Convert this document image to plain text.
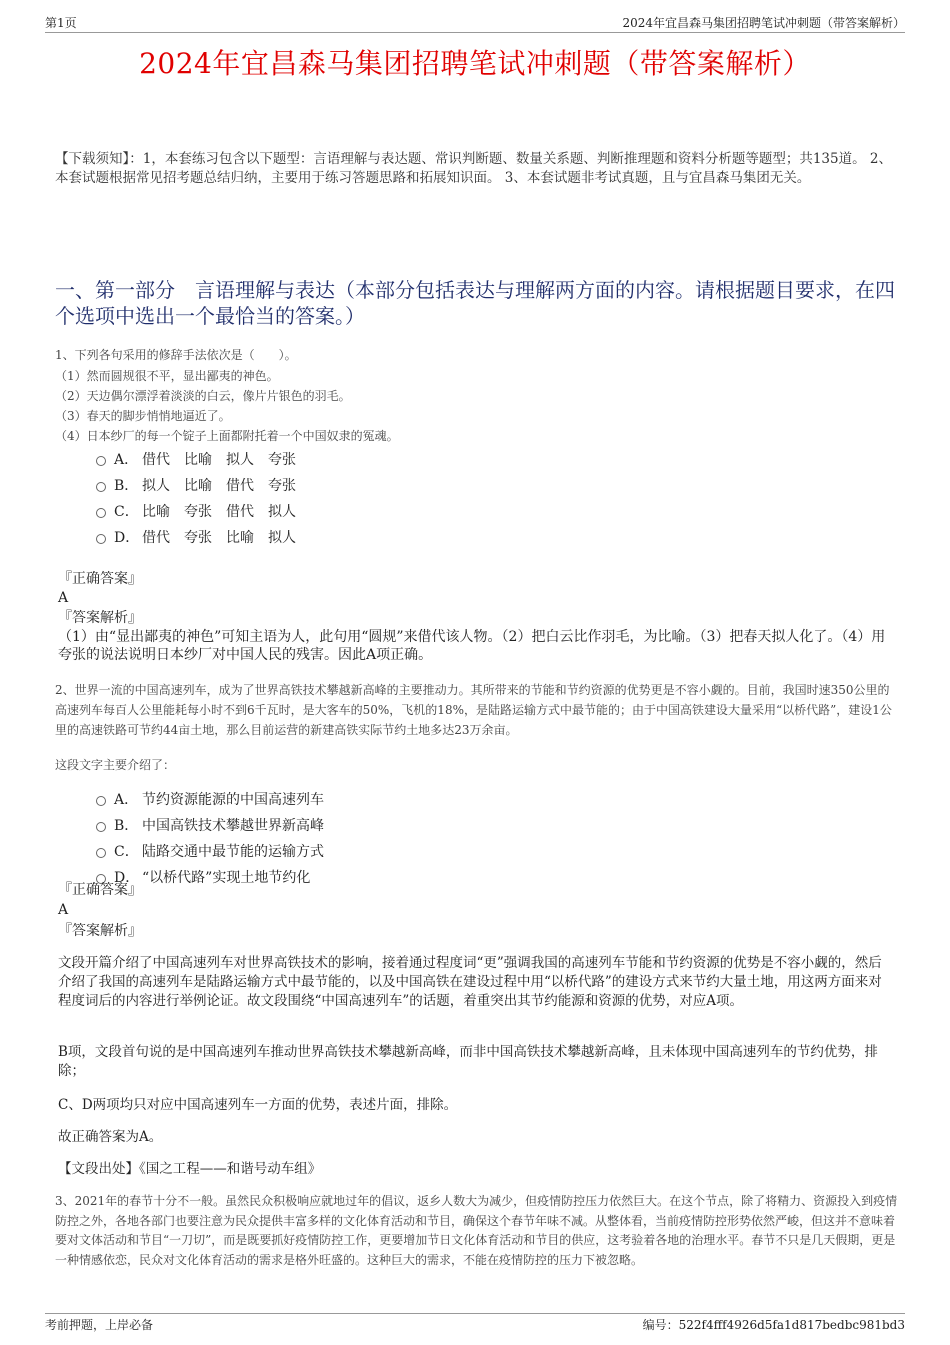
第1页	2024年宜昌森马集团招聘笔试冲刺题（带答案解析）
2024年宜昌森马集团招聘笔试冲刺题（带答案解析）
【下载须知】：1，本套练习包含以下题型：言语理解与表达题、常识判断题、数量关系题、判断推理题和资料分析题等题型；共135道。 2、本套试题根据常见招考题总结归纳，主要用于练习答题思路和拓展知识面。 3、本套试题非考试真题，且与宜昌森马集团无关。
一、第一部分　言语理解与表达（本部分包括表达与理解两方面的内容。请根据题目要求，在四个选项中选出一个最恰当的答案。）
1、下列各句采用的修辞手法依次是（　　）。
（1）然而圆规很不平，显出鄙夷的神色。
（2）天边偶尔漂浮着淡淡的白云，像片片银色的羽毛。
（3）春天的脚步悄悄地逼近了。
（4）日本纱厂的每一个锭子上面都附托着一个中国奴隶的冤魂。
A． 借代　比喻　拟人　夸张
B． 拟人　比喻　借代　夸张
C． 比喻　夸张　借代　拟人
D． 借代　夸张　比喻　拟人
『正确答案』
A
『答案解析』
（1）由“显出鄙夷的神色”可知主语为人，此句用“圆规”来借代该人物。（2）把白云比作羽毛，为比喻。（3）把春天拟人化了。（4）用夸张的说法说明日本纱厂对中国人民的残害。因此A项正确。
2、世界一流的中国高速列车，成为了世界高铁技术攀越新高峰的主要推动力。其所带来的节能和节约资源的优势更是不容小觑的。目前，我国时速350公里的高速列车每百人公里能耗每小时不到6千瓦时，是大客车的50%，飞机的18%，是陆路运输方式中最节能的；由于中国高铁建设大量采用“以桥代路”，建设1公里的高速铁路可节约44亩土地，那么目前运营的新建高铁实际节约土地多达23万余亩。
这段文字主要介绍了：
A． 节约资源能源的中国高速列车
B． 中国高铁技术攀越世界新高峰
C． 陆路交通中最节能的运输方式
D． “以桥代路”实现土地节约化
『正确答案』
A
『答案解析』
文段开篇介绍了中国高速列车对世界高铁技术的影响，接着通过程度词“更”强调我国的高速列车节能和节约资源的优势是不容小觑的，然后介绍了我国的高速列车是陆路运输方式中最节能的，以及中国高铁在建设过程中用“以桥代路”的建设方式来节约大量土地，用这两方面来对程度词后的内容进行举例论证。故文段围绕“中国高速列车”的话题，着重突出其节约能源和资源的优势，对应A项。
B项，文段首句说的是中国高速列车推动世界高铁技术攀越新高峰，而非中国高铁技术攀越新高峰，且未体现中国高速列车的节约优势，排除；
C、D两项均只对应中国高速列车一方面的优势，表述片面，排除。
故正确答案为A。
【文段出处】《国之工程——和谐号动车组》
3、2021年的春节十分不一般。虽然民众积极响应就地过年的倡议，返乡人数大为减少，但疫情防控压力依然巨大。在这个节点，除了将精力、资源投入到疫情防控之外，各地各部门也要注意为民众提供丰富多样的文化体育活动和节目，确保这个春节年味不减。从整体看，当前疫情防控形势依然严峻，但这并不意味着要对文体活动和节目“一刀切”，而是既要抓好疫情防控工作，更要增加节日文化体育活动和节目的供应，这考验着各地的治理水平。春节不只是几天假期，更是一种情感依恋，民众对文化体育活动的需求是格外旺盛的。这种巨大的需求，不能在疫情防控的压力下被忽略。
考前押题，上岸必备	编号：522f4fff4926d5fa1d817bedbc981bd3
